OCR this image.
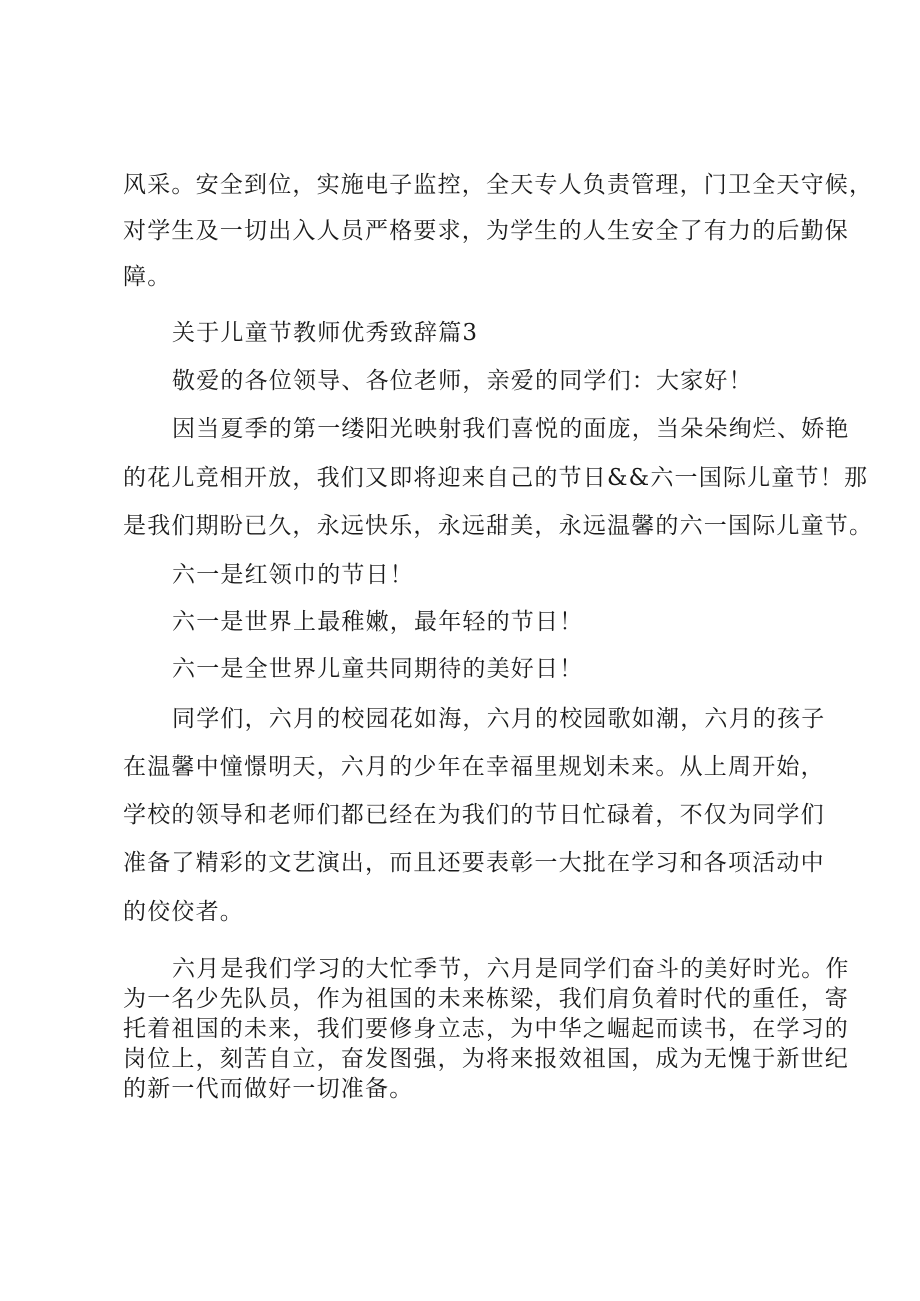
风采。安全到位，实施电子监控，全天专人负责管理，门卫全天守候，
对学生及一切出入人员严格要求，为学生的人生安全了有力的后勤保
障。
关于儿童节教师优秀致辞篇3
敬爱的各位领导、各位老师，亲爱的同学们：大家好！
因当夏季的第一缕阳光映射我们喜悦的面庞，当朵朵绚烂、娇艳
的花儿竞相开放，我们又即将迎来自己的节日&&六一国际儿童节！那
是我们期盼已久，永远快乐，永远甜美，永远温馨的六一国际儿童节。
六一是红领巾的节日！
六一是世界上最稚嫩，最年轻的节日！
六一是全世界儿童共同期待的美好日！
同学们，六月的校园花如海，六月的校园歌如潮，六月的孩子
在温馨中憧憬明天，六月的少年在幸福里规划未来。从上周开始，
学校的领导和老师们都已经在为我们的节日忙碌着，不仅为同学们
准备了精彩的文艺演出，而且还要表彰一大批在学习和各项活动中
的佼佼者。
六月是我们学习的大忙季节，六月是同学们奋斗的美好时光。作
为一名少先队员，作为祖国的未来栋梁，我们肩负着时代的重任，寄
托着祖国的未来，我们要修身立志，为中华之崛起而读书，在学习的
岗位上，刻苦自立，奋发图强，为将来报效祖国，成为无愧于新世纪
的新一代而做好一切准备。
